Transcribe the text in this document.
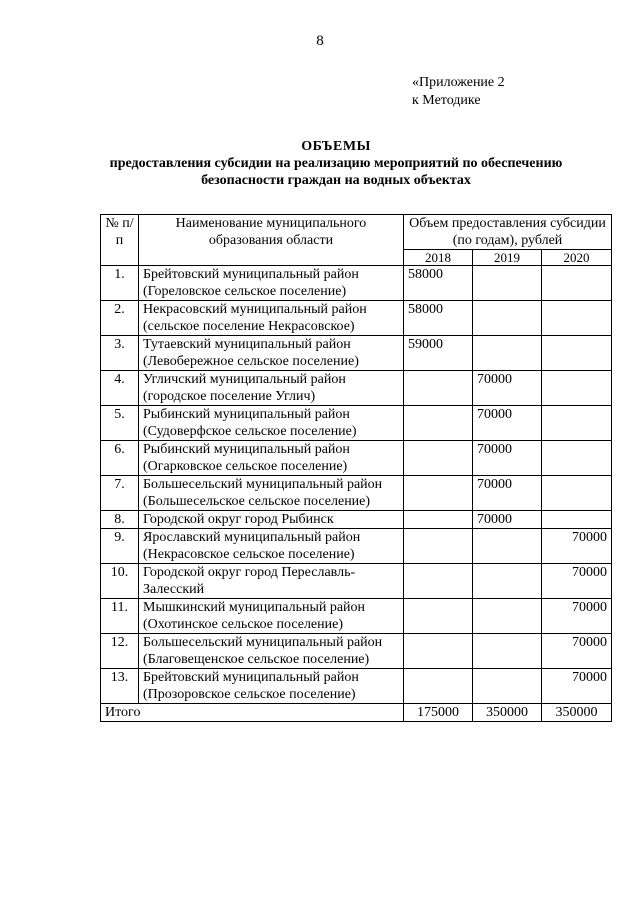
8
«Приложение 2
к Методике
ОБЪЕМЫ
предоставления субсидии на реализацию мероприятий по обеспечению
безопасности граждан на водных объектах
№ п/п	Наименование муниципального образования области	Объем предоставления субсидии (по годам), рублей		
		2018	2019	2020
1.	Брейтовский муниципальный район (Гореловское сельское поселение)	58000		
2.	Некрасовский муниципальный район (сельское поселение Некрасовское)	58000		
3.	Тутаевский муниципальный район (Левобережное сельское поселение)	59000		
4.	Угличский муниципальный район (городское поселение Углич)		70000	
5.	Рыбинский муниципальный район (Судоверфское сельское поселение)		70000	
6.	Рыбинский муниципальный район (Огарковское сельское поселение)		70000	
7.	Большесельский муниципальный район (Большесельское сельское поселение)		70000	
8.	Городской округ город Рыбинск		70000	
9.	Ярославский муниципальный район (Некрасовское сельское поселение)			70000
10.	Городской округ город Переславль-Залесский			70000
11.	Мышкинский муниципальный район (Охотинское сельское поселение)			70000
12.	Большесельский муниципальный район (Благовещенское сельское поселение)			70000
13.	Брейтовский муниципальный район (Прозоровское сельское поселение)			70000
Итого		175000	350000	350000
